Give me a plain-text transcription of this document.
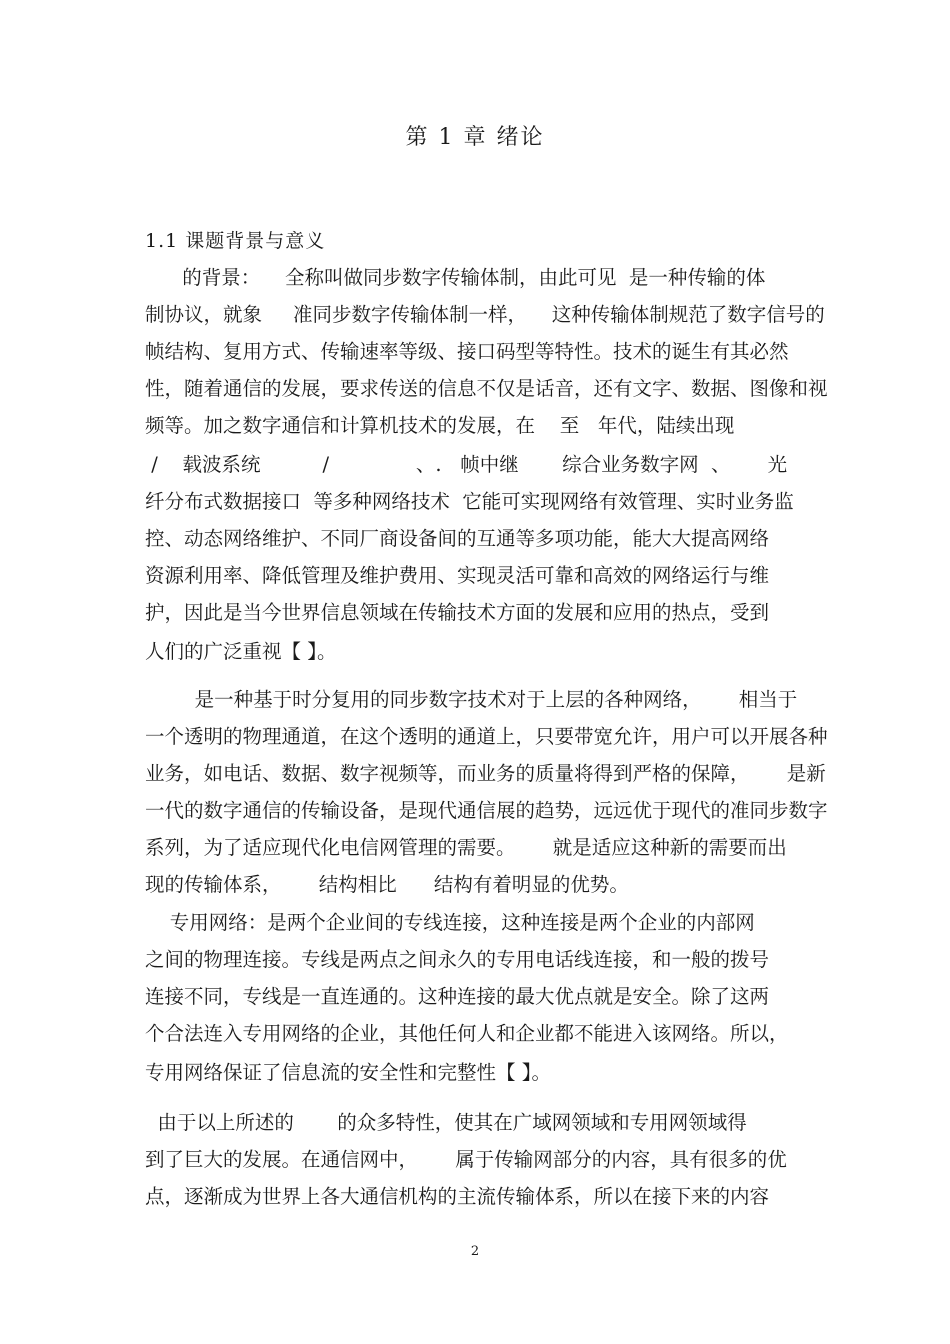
第 1 章 绪论
1.1 课题背景与意义
的背景：    全称叫做同步数字传输体制，由此可见  是一种传输的体
制协议，就象     准同步数字传输体制一样，    这种传输体制规范了数字信号的
帧结构、复用方式、传输速率等级、接口码型等特性。技术的诞生有其必然
性，随着通信的发展，要求传送的信息不仅是话音，还有文字、数据、图像和视
频等。加之数字通信和计算机技术的发展，在    至   年代，陆续出现
/    载波系统          /              、.   帧中继       综合业务数字网  、      光
纤分布式数据接口  等多种网络技术  它能可实现网络有效管理、实时业务监
控、动态网络维护、不同厂商设备间的互通等多项功能，能大大提高网络
资源利用率、降低管理及维护费用、实现灵活可靠和高效的网络运行与维
护，因此是当今世界信息领域在传输技术方面的发展和应用的热点，受到
人们的广泛重视【 】。
是一种基于时分复用的同步数字技术对于上层的各种网络，      相当于
一个透明的物理通道，在这个透明的通道上，只要带宽允许，用户可以开展各种
业务，如电话、数据、数字视频等，而业务的质量将得到严格的保障，      是新
一代的数字通信的传输设备，是现代通信展的趋势，远远优于现代的准同步数字
系列，为了适应现代化电信网管理的需要。      就是适应这种新的需要而出
现的传输体系，      结构相比      结构有着明显的优势。
专用网络：是两个企业间的专线连接，这种连接是两个企业的内部网
之间的物理连接。专线是两点之间永久的专用电话线连接，和一般的拨号
连接不同，专线是一直连通的。这种连接的最大优点就是安全。除了这两
个合法连入专用网络的企业，其他任何人和企业都不能进入该网络。所以，
专用网络保证了信息流的安全性和完整性【 】。
由于以上所述的       的众多特性，使其在广域网领域和专用网领域得
到了巨大的发展。在通信网中，      属于传输网部分的内容，具有很多的优
点，逐渐成为世界上各大通信机构的主流传输体系，所以在接下来的内容
2
